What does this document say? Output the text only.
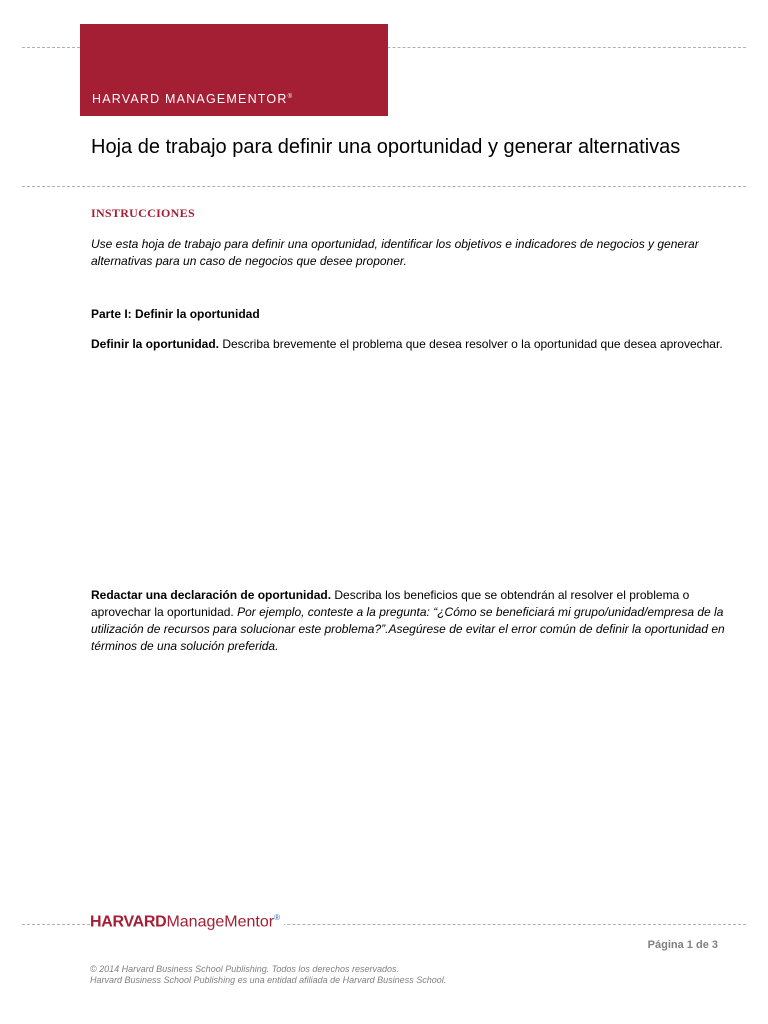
HARVARD MANAGEMENTOR®
Hoja de trabajo para definir una oportunidad y generar alternativas
INSTRUCCIONES
Use esta hoja de trabajo para definir una oportunidad, identificar los objetivos e indicadores de negocios y generar alternativas para un caso de negocios que desee proponer.
Parte I: Definir la oportunidad
Definir la oportunidad. Describa brevemente el problema que desea resolver o la oportunidad que desea aprovechar.
Redactar una declaración de oportunidad. Describa los beneficios que se obtendrán al resolver el problema o aprovechar la oportunidad. Por ejemplo, conteste a la pregunta: “¿Cómo se beneficiará mi grupo/unidad/empresa de la utilización de recursos para solucionar este problema?”.Asegúrese de evitar el error común de definir la oportunidad en términos de una solución preferida.
HARVARDManageMentor®
Página 1 de 3
© 2014 Harvard Business School Publishing. Todos los derechos reservados.
Harvard Business School Publishing es una entidad afiliada de Harvard Business School.
